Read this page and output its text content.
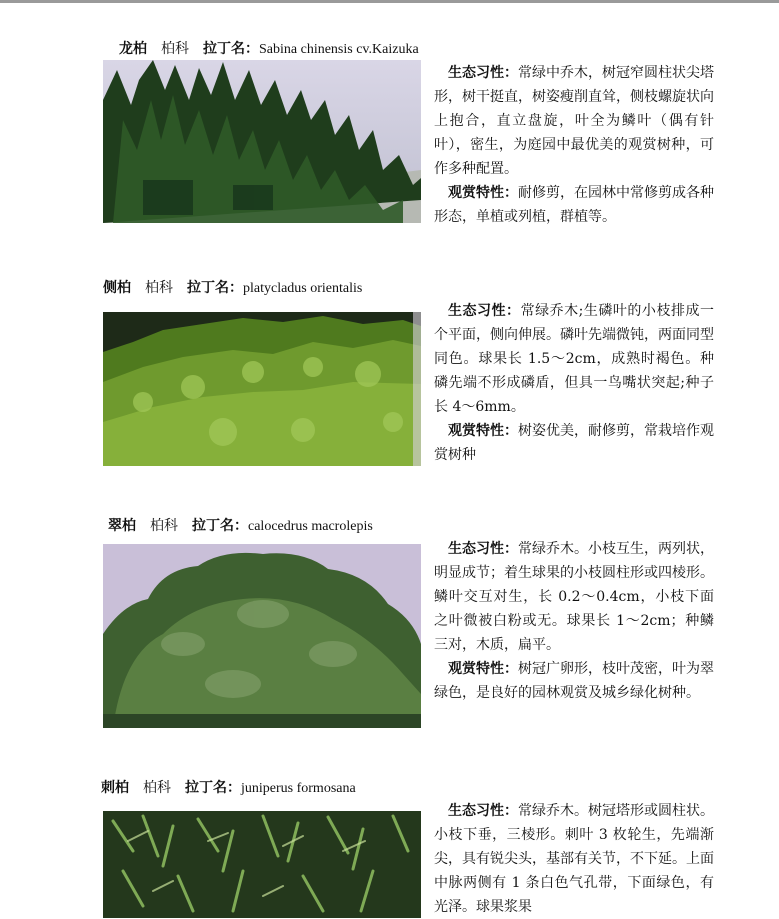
龙柏 柏科 拉丁名：Sabina chinensis cv.Kaizuka

生态习性：常绿中乔木，树冠窄圆柱状尖塔形，树干挺直，树姿瘦削直耸，侧枝螺旋状向上抱合，直立盘旋，叶全为鳞叶（偶有针叶），密生，为庭园中最优美的观赏树种，可作多种配置。

观赏特性：耐修剪，在园林中常修剪成各种形态，单植或列植，群植等。

侧柏 柏科 拉丁名：platycladus orientalis

生态习性：常绿乔木;生磷叶的小枝排成一个平面，侧向伸展。磷叶先端微钝，两面同型同色。球果长 1.5～2cm，成熟时褐色。种磷先端不形成磷盾，但具一鸟嘴状突起;种子长 4～6mm。

观赏特性：树姿优美，耐修剪，常栽培作观赏树种

翠柏 柏科 拉丁名：calocedrus macrolepis

生态习性：常绿乔木。小枝互生，两列状，明显成节；着生球果的小枝圆柱形或四棱形。鳞叶交互对生，长 0.2～0.4cm，小枝下面之叶微被白粉或无。球果长 1～2cm；种鳞三对，木质，扁平。

观赏特性：树冠广卵形，枝叶茂密，叶为翠绿色，是良好的园林观赏及城乡绿化树种。

刺柏 柏科 拉丁名：juniperus formosana

生态习性：常绿乔木。树冠塔形或圆柱状。小枝下垂，三棱形。刺叶 3 枚轮生，先端渐尖，具有锐尖头，基部有关节，不下延。上面中脉两侧有 1 条白色气孔带，下面绿色，有光泽。球果浆果
